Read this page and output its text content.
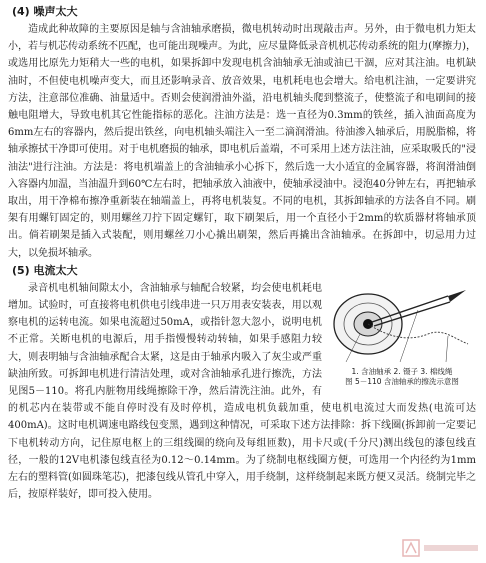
(4) 噪声太大

造成此种故障的主要原因是轴与含油轴承磨损，微电机转动时出现敲击声。另外，由于微电机力矩太小，若与机芯传动系统不匹配，也可能出现噪声。为此，应尽量降低录音机机芯传动系统的阻力(摩擦力)，或选用比原先力矩稍大一些的电机，如果拆卸中发现电机含油轴承无油或油已干涸，应对其注油。电机缺油时，不但使电机噪声变大，而且还影响录音、放音效果，电机耗电也会增大。给电机注油，一定要讲究方法，注意部位准确、油量适中。否则会使润滑油外溢，沿电机轴头爬到整流子，使整流子和电刷间的接触电阻增大，导致电机其它性能指标的恶化。注油方法是：选一直径为0.3mm的铁丝，插入油面高度为6mm左右的容器内，然后提出铁丝，向电机轴头端注入一至二滴润滑油。待油渗入轴承后，用脱脂棉，将轴承擦拭干净即可使用。对于电机磨损的轴承，即电机后盖端，不可采用上述方法注油，应采取吸氏的"浸油法"进行注油。方法是：将电机端盖上的含油轴承小心拆下，然后选一大小适宜的金属容器，将润滑油倒入容器内加温，当油温升到60℃左右时，把轴承放入油液中，使轴承浸油中。浸泡40分钟左右，再把轴承取出，用干净棉布擦净重新装在轴端盖上，再将电机装复。不同的电机，其拆卸轴承的方法各自不同。刷架有用螺钉固定的，则用螺丝刀拧下固定螺钉，取下刷架后，用一个直径小于2mm的软质器材将轴承顶出。倘若刷架是插入式装配，则用螺丝刀小心撬出刷架，然后再撬出含油轴承。在拆卸中，切忌用力过大，以免损坏轴承。

(5) 电流太大
1. 含油轴承 2. 镊子 3. 棉线绳
图 5－110 含油轴承的擦洗示意图

录音机电机轴间隙太小，含油轴承与轴配合较紧，均会使电机耗电增加。试验时，可直接将电机供电引线串进一只万用表安装表，用以观察电机的运转电流。如果电流超过50mA，或指针忽大忽小，说明电机不正常。关断电机的电源后，用手指慢慢转动转轴，如果手感阻力较大，则表明轴与含油轴承配合太紧，这是由于轴承内吸入了灰尘或严重缺油所致。可拆卸电机进行清洁处理，或对含油轴承孔进行擦洗，方法见图5－110。将孔内脏物用线绳擦除干净，然后清洗注油。此外，有的机芯内在装带或不能自停时没有及时停机，造成电机负载加重，使电机电流过大而发热(电流可达400mA)。这时电机调速电路线包变黑，遇到这种情况，可采取下述方法排除：拆下线圈(拆卸前一定要记下电机转动方向，记住原电枢上的三组线圈的绕向及每组匝数)，用卡尺或(千分尺)测出线包的漆包线直径，一般的12V电机漆包线直径为0.12～0.14mm。为了绕制电枢线圈方便，可选用一个内径约为1mm左右的塑料管(如圆珠笔芯)，把漆包线从管孔中穿入，用手绕制，这样绕制起来既方便又灵活。绕制完毕之后，按原样装好，即可投入使用。
